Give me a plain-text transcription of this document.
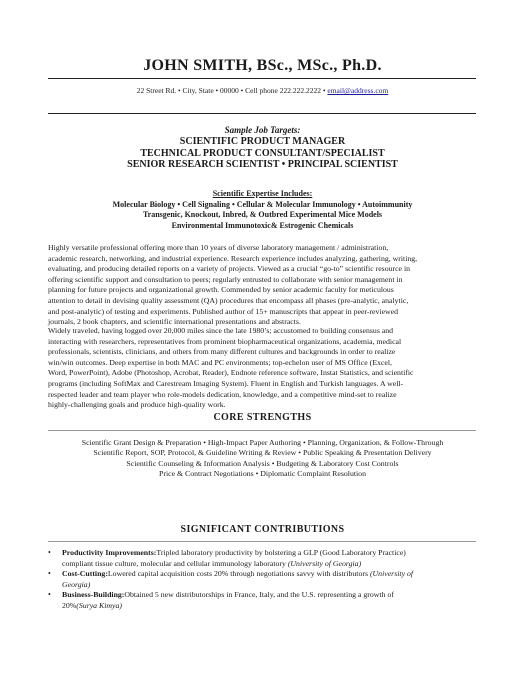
JOHN SMITH, BSc., MSc., Ph.D.
22 Street Rd. • City, State • 00000 • Cell phone 222.222.2222 • email@address.com
Sample Job Targets:
SCIENTIFIC PRODUCT MANAGER
TECHNICAL PRODUCT CONSULTANT/SPECIALIST
SENIOR RESEARCH SCIENTIST • PRINCIPAL SCIENTIST
Scientific Expertise Includes:
Molecular Biology • Cell Signaling • Cellular & Molecular Immunology • Autoimmunity
Transgenic, Knockout, Inbred, & Outbred Experimental Mice Models
Environmental Immunotoxic& Estrogenic Chemicals
Highly versatile professional offering more than 10 years of diverse laboratory management / administration,
academic research, networking, and industrial experience. Research experience includes analyzing, gathering, writing,
evaluating, and producing detailed reports on a variety of projects. Viewed as a crucial “go-to” scientific resource in
offering scientific support and consultation to peers; regularly entrusted to collaborate with senior management in
planning for future projects and organizational growth. Commended by senior academic faculty for meticulous
attention to detail in devising quality assessment (QA) procedures that encompass all phases (pre-analytic, analytic,
and post-analytic) of testing and experiments. Published author of 15+ manuscripts that appear in peer-reviewed
journals, 2 book chapters, and scientific international presentations and abstracts.
Widely traveled, having logged over 20,000 miles since the late 1980’s; accustomed to building consensus and
interacting with researchers, representatives from prominent biopharmaceutical organizations, academia, medical
professionals, scientists, clinicians, and others from many different cultures and backgrounds in order to realize
win/win outcomes. Deep expertise in both MAC and PC environments; top-echelon user of MS Office (Excel,
Word, PowerPoint), Adobe (Photoshop, Acrobat, Reader), Endnote reference software, Instat Statistics, and scientific
programs (including SoftMax and Carestream Imaging System). Fluent in English and Turkish languages. A well-
respected leader and team player who role-models dedication, knowledge, and a competitive mind-set to realize
highly-challenging goals and produce high-quality work.
CORE STRENGTHS
Scientific Grant Design & Preparation • High-Impact Paper Authoring • Planning, Organization, & Follow-Through
Scientific Report, SOP, Protocol, & Guideline Writing & Review • Public Speaking & Presentation Delivery
Scientific Counseling & Information Analysis • Budgeting & Laboratory Cost Controls
Price & Contract Negotiations • Diplomatic Complaint Resolution
SIGNIFICANT CONTRIBUTIONS
• Productivity Improvements:Tripled laboratory productivity by bolstering a GLP (Good Laboratory Practice)
compliant tissue culture, molecular and cellular immunology laboratory (University of Georgia)
• Cost-Cutting:Lowered capital acquisition costs 20% through negotiations savvy with distributors (University of
Georgia)
• Business-Building:Obtained 5 new distributorships in France, Italy, and the U.S. representing a growth of
20%(Surya Kimya)
